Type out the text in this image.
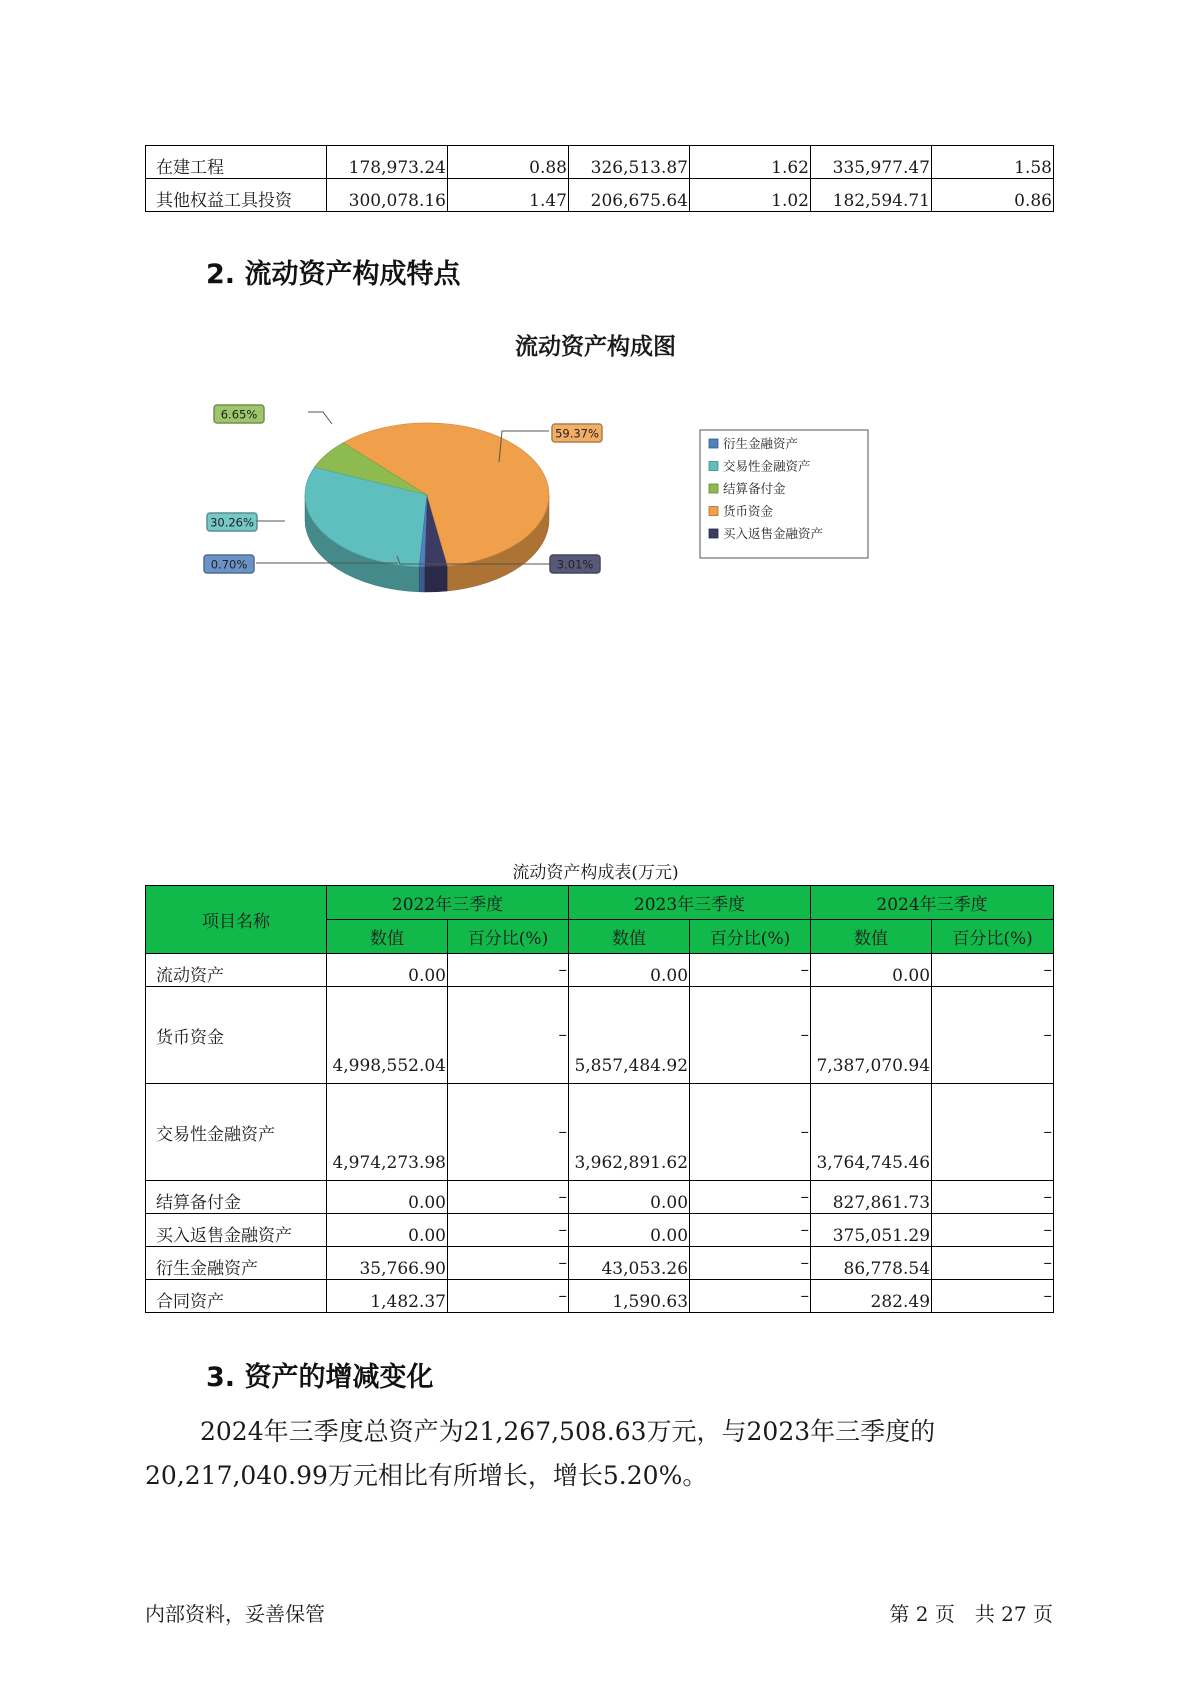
在建工程	178,973.24	0.88	326,513.87	1.62	335,977.47	1.58
其他权益工具投资	300,078.16	1.47	206,675.64	1.02	182,594.71	0.86
2. 流动资产构成特点
流动资产构成图
6.65%
59.37%
30.26%
0.70%	3.01%
衍生金融资产
交易性金融资产
结算备付金
货币资金
买入返售金融资产
流动资产构成表(万元)
项目名称	2022年三季度		2023年三季度		2024年三季度	
	数值	百分比(%)	数值	百分比(%)	数值	百分比(%)
流动资产	0.00	–	0.00	–	0.00	–
货币资金	4,998,552.04	–	5,857,484.92	–	7,387,070.94	–
交易性金融资产	4,974,273.98	–	3,962,891.62	–	3,764,745.46	–
结算备付金	0.00	–	0.00	–	827,861.73	–
买入返售金融资产	0.00	–	0.00	–	375,051.29	–
衍生金融资产	35,766.90	–	43,053.26	–	86,778.54	–
合同资产	1,482.37	–	1,590.63	–	282.49	–
3. 资产的增减变化

2024年三季度总资产为21,267,508.63万元，与2023年三季度的20,217,040.99万元相比有所增长，增长5.20%。

内部资料，妥善保管	第 2 页　共 27 页
